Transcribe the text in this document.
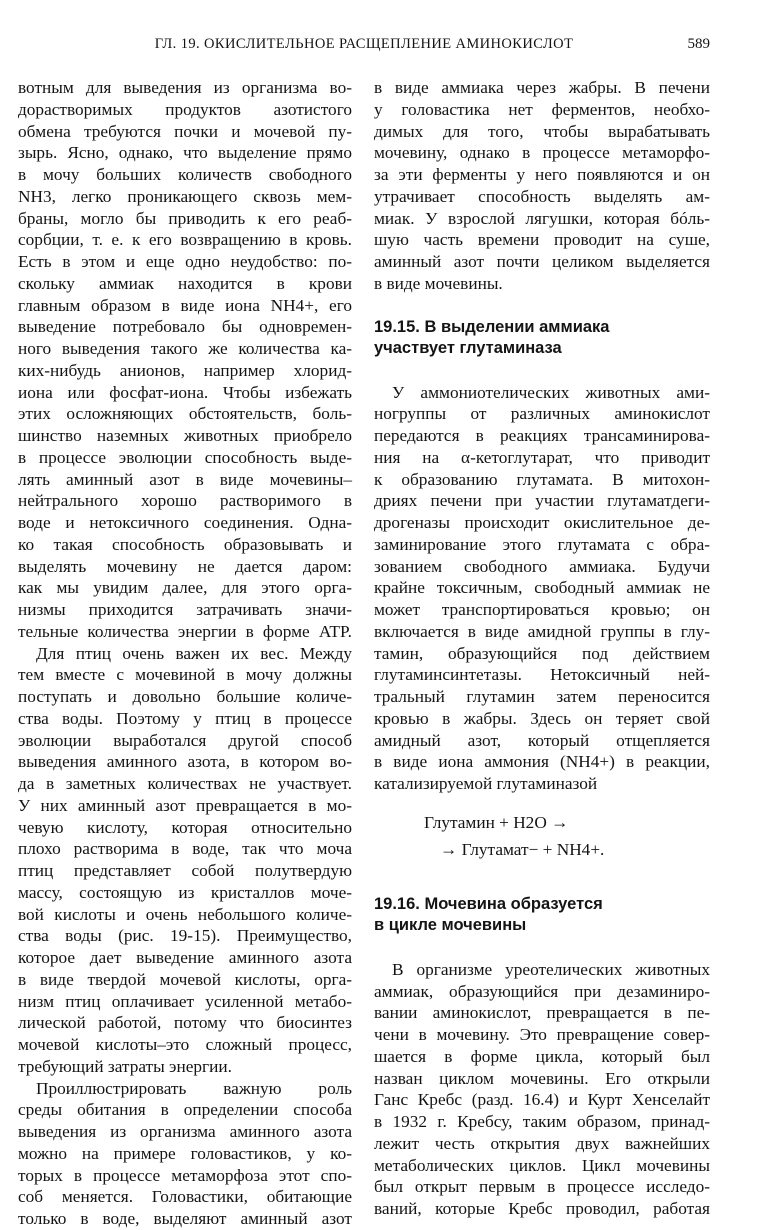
ГЛ. 19. ОКИСЛИТЕЛЬНОЕ РАСЩЕПЛЕНИЕ АМИНОКИСЛОТ	589
вотным для выведения из организма во-
дорастворимых продуктов азотистого
обмена требуются почки и мочевой пу-
зырь. Ясно, однако, что выделение прямо
в мочу больших количеств свободного
NH3, легко проникающего сквозь мем-
браны, могло бы приводить к его реаб-
сорбции, т. е. к его возвращению в кровь.
Есть в этом и еще одно неудобство: по-
скольку аммиак находится в крови
главным образом в виде иона NH4+, его
выведение потребовало бы одновремен-
ного выведения такого же количества ка-
ких-нибудь анионов, например хлорид-
иона или фосфат-иона. Чтобы избежать
этих осложняющих обстоятельств, боль-
шинство наземных животных приобрело
в процессе эволюции способность выде-
лять аминный азот в виде мочевины–
нейтрального хорошо растворимого в
воде и нетоксичного соединения. Одна-
ко такая способность образовывать и
выделять мочевину не дается даром:
как мы увидим далее, для этого орга-
низмы приходится затрачивать значи-
тельные количества энергии в форме ATP.
Для птиц очень важен их вес. Между
тем вместе с мочевиной в мочу должны
поступать и довольно большие количе-
ства воды. Поэтому у птиц в процессе
эволюции выработался другой способ
выведения аминного азота, в котором во-
да в заметных количествах не участвует.
У них аминный азот превращается в мо-
чевую кислоту, которая относительно
плохо растворима в воде, так что моча
птиц представляет собой полутвердую
массу, состоящую из кристаллов моче-
вой кислоты и очень небольшого количе-
ства воды (рис. 19-15). Преимущество,
которое дает выведение аминного азота
в виде твердой мочевой кислоты, орга-
низм птиц оплачивает усиленной метабо-
лической работой, потому что биосинтез
мочевой кислоты–это сложный процесс,
требующий затраты энергии.
Проиллюстрировать важную роль
среды обитания в определении способа
выведения из организма аминного азота
можно на примере головастиков, у ко-
торых в процессе метаморфоза этот спо-
соб меняется. Головастики, обитающие
только в воде, выделяют аминный азот
в виде аммиака через жабры. В печени
у головастика нет ферментов, необхо-
димых для того, чтобы вырабатывать
мочевину, однако в процессе метаморфо-
за эти ферменты у него появляются и он
утрачивает способность выделять ам-
миак. У взрослой лягушки, которая бóль-
шую часть времени проводит на суше,
аминный азот почти целиком выделяется
в виде мочевины.
19.15. В выделении аммиака
участвует глутаминаза
У аммониотелических животных ами-
ногруппы от различных аминокислот
передаются в реакциях трансаминирова-
ния на α-кетоглутарат, что приводит
к образованию глутамата. В митохон-
дриях печени при участии глутаматдеги-
дрогеназы происходит окислительное де-
заминирование этого глутамата с обра-
зованием свободного аммиака. Будучи
крайне токсичным, свободный аммиак не
может транспортироваться кровью; он
включается в виде амидной группы в глу-
тамин, образующийся под действием
глутаминсинтетазы. Нетоксичный ней-
тральный глутамин затем переносится
кровью в жабры. Здесь он теряет свой
амидный азот, который отщепляется
в виде иона аммония (NH4+) в реакции,
катализируемой глутаминазой
Глутамин + H2O →
→ Глутамат− + NH4+.
19.16. Мочевина образуется
в цикле мочевины
В организме уреотелических животных
аммиак, образующийся при дезаминиро-
вании аминокислот, превращается в пе-
чени в мочевину. Это превращение совер-
шается в форме цикла, который был
назван циклом мочевины. Его открыли
Ганс Кребс (разд. 16.4) и Курт Хенселайт
в 1932 г. Кребсу, таким образом, принад-
лежит честь открытия двух важнейших
метаболических циклов. Цикл мочевины
был открыт первым в процессе исследо-
ваний, которые Кребс проводил, работая
